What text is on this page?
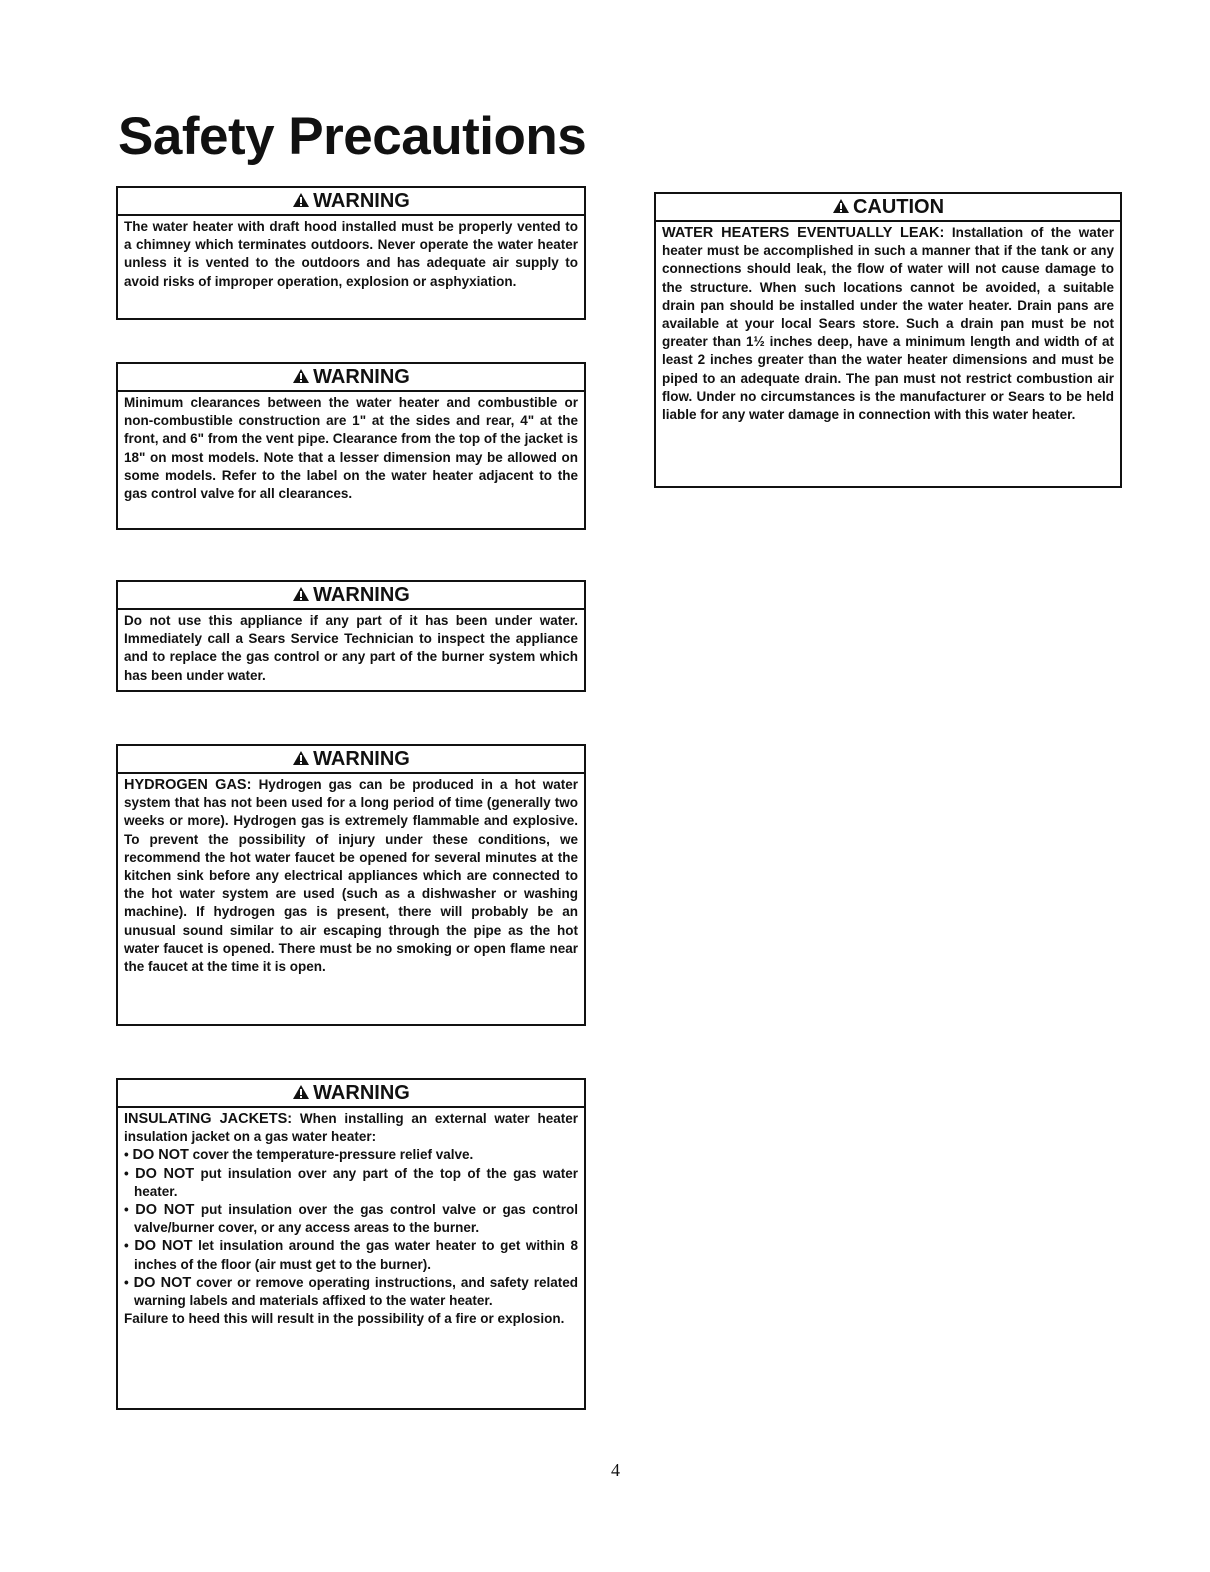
Safety Precautions
WARNING

The water heater with draft hood installed must be properly vented to a chimney which terminates outdoors. Never operate the water heater unless it is vented to the outdoors and has adequate air supply to avoid risks of improper operation, explosion or asphyxiation.

WARNING

Minimum clearances between the water heater and combustible or non-combustible construction are 1" at the sides and rear, 4" at the front, and 6" from the vent pipe. Clearance from the top of the jacket is 18" on most models. Note that a lesser dimension may be allowed on some models. Refer to the label on the water heater adjacent to the gas control valve for all clearances.

WARNING

Do not use this appliance if any part of it has been under water. Immediately call a Sears Service Technician to inspect the appliance and to replace the gas control or any part of the burner system which has been under water.

WARNING

HYDROGEN GAS: Hydrogen gas can be produced in a hot water system that has not been used for a long period of time (generally two weeks or more). Hydrogen gas is extremely flammable and explosive. To prevent the possibility of injury under these conditions, we recommend the hot water faucet be opened for several minutes at the kitchen sink before any electrical appliances which are connected to the hot water system are used (such as a dishwasher or washing machine). If hydrogen gas is present, there will probably be an unusual sound similar to air escaping through the pipe as the hot water faucet is opened. There must be no smoking or open flame near the faucet at the time it is open.

WARNING

INSULATING JACKETS: When installing an external water heater insulation jacket on a gas water heater:

• DO NOT cover the temperature-pressure relief valve.

• DO NOT put insulation over any part of the top of the gas water heater.

• DO NOT put insulation over the gas control valve or gas control valve/burner cover, or any access areas to the burner.

• DO NOT let insulation around the gas water heater to get within 8 inches of the floor (air must get to the burner).

• DO NOT cover or remove operating instructions, and safety related warning labels and materials affixed to the water heater.

Failure to heed this will result in the possibility of a fire or explosion.

CAUTION

WATER HEATERS EVENTUALLY LEAK: Installation of the water heater must be accomplished in such a manner that if the tank or any connections should leak, the flow of water will not cause damage to the structure. When such locations cannot be avoided, a suitable drain pan should be installed under the water heater. Drain pans are available at your local Sears store. Such a drain pan must be not greater than 1½ inches deep, have a minimum length and width of at least 2 inches greater than the water heater dimensions and must be piped to an adequate drain. The pan must not restrict combustion air flow. Under no circumstances is the manufacturer or Sears to be held liable for any water damage in connection with this water heater.

4
